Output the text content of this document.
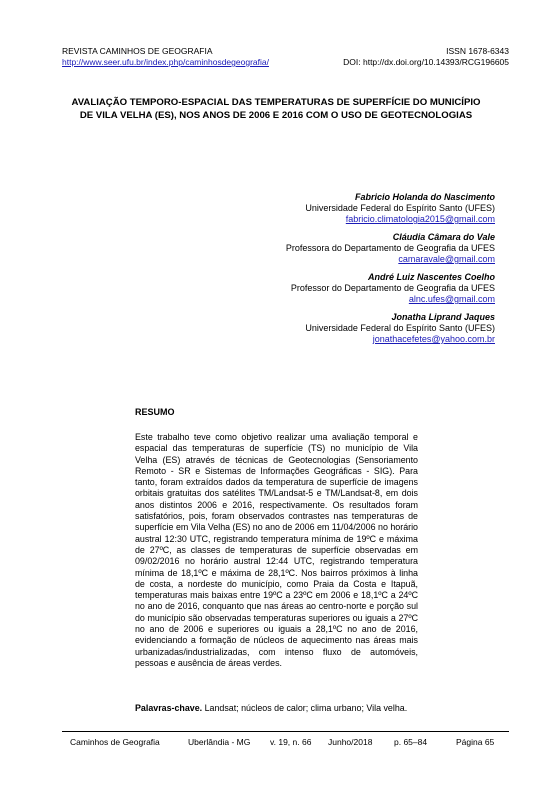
REVISTA CAMINHOS DE GEOGRAFIA
http://www.seer.ufu.br/index.php/caminhosdegeografia/
ISSN 1678-6343
DOI: http://dx.doi.org/10.14393/RCG196605
AVALIAÇÃO TEMPORO-ESPACIAL DAS TEMPERATURAS DE SUPERFÍCIE DO MUNICÍPIO DE VILA VELHA (ES), NOS ANOS DE 2006 E 2016 COM O USO DE GEOTECNOLOGIAS
Fabricio Holanda do Nascimento
Universidade Federal do Espírito Santo (UFES)
fabricio.climatologia2015@gmail.com
Cláudia Câmara do Vale
Professora do Departamento de Geografia da UFES
camaravale@gmail.com
André Luiz Nascentes Coelho
Professor do Departamento de Geografia da UFES
alnc.ufes@gmail.com
Jonatha Liprand Jaques
Universidade Federal do Espírito Santo (UFES)
jonathacefetes@yahoo.com.br
RESUMO
Este trabalho teve como objetivo realizar uma avaliação temporal e espacial das temperaturas de superfície (TS) no município de Vila Velha (ES) através de técnicas de Geotecnologias (Sensoriamento Remoto - SR e Sistemas de Informações Geográficas - SIG). Para tanto, foram extraídos dados da temperatura de superfície de imagens orbitais gratuitas dos satélites TM/Landsat-5 e TM/Landsat-8, em dois anos distintos 2006 e 2016, respectivamente. Os resultados foram satisfatórios, pois, foram observados contrastes nas temperaturas de superfície em Vila Velha (ES) no ano de 2006 em 11/04/2006 no horário austral 12:30 UTC, registrando temperatura mínima de 19ºC e máxima de 27ºC, as classes de temperaturas de superfície observadas em 09/02/2016 no horário austral 12:44 UTC, registrando temperatura mínima de 18,1ºC e máxima de 28,1ºC. Nos bairros próximos à linha de costa, a nordeste do município, como Praia da Costa e Itapuã, temperaturas mais baixas entre 19ºC a 23ºC em 2006 e 18,1ºC a 24ºC no ano de 2016, conquanto que nas áreas ao centro-norte e porção sul do município são observadas temperaturas superiores ou iguais a 27ºC no ano de 2006 e superiores ou iguais a 28,1ºC no ano de 2016, evidenciando a formação de núcleos de aquecimento nas áreas mais urbanizadas/industrializadas, com intenso fluxo de automóveis, pessoas e ausência de áreas verdes.
Palavras-chave. Landsat; núcleos de calor; clima urbano; Vila velha.
Caminhos de Geografia	Uberlândia - MG v. 19, n. 66 Junho/2018	p. 65–84	Página 65
